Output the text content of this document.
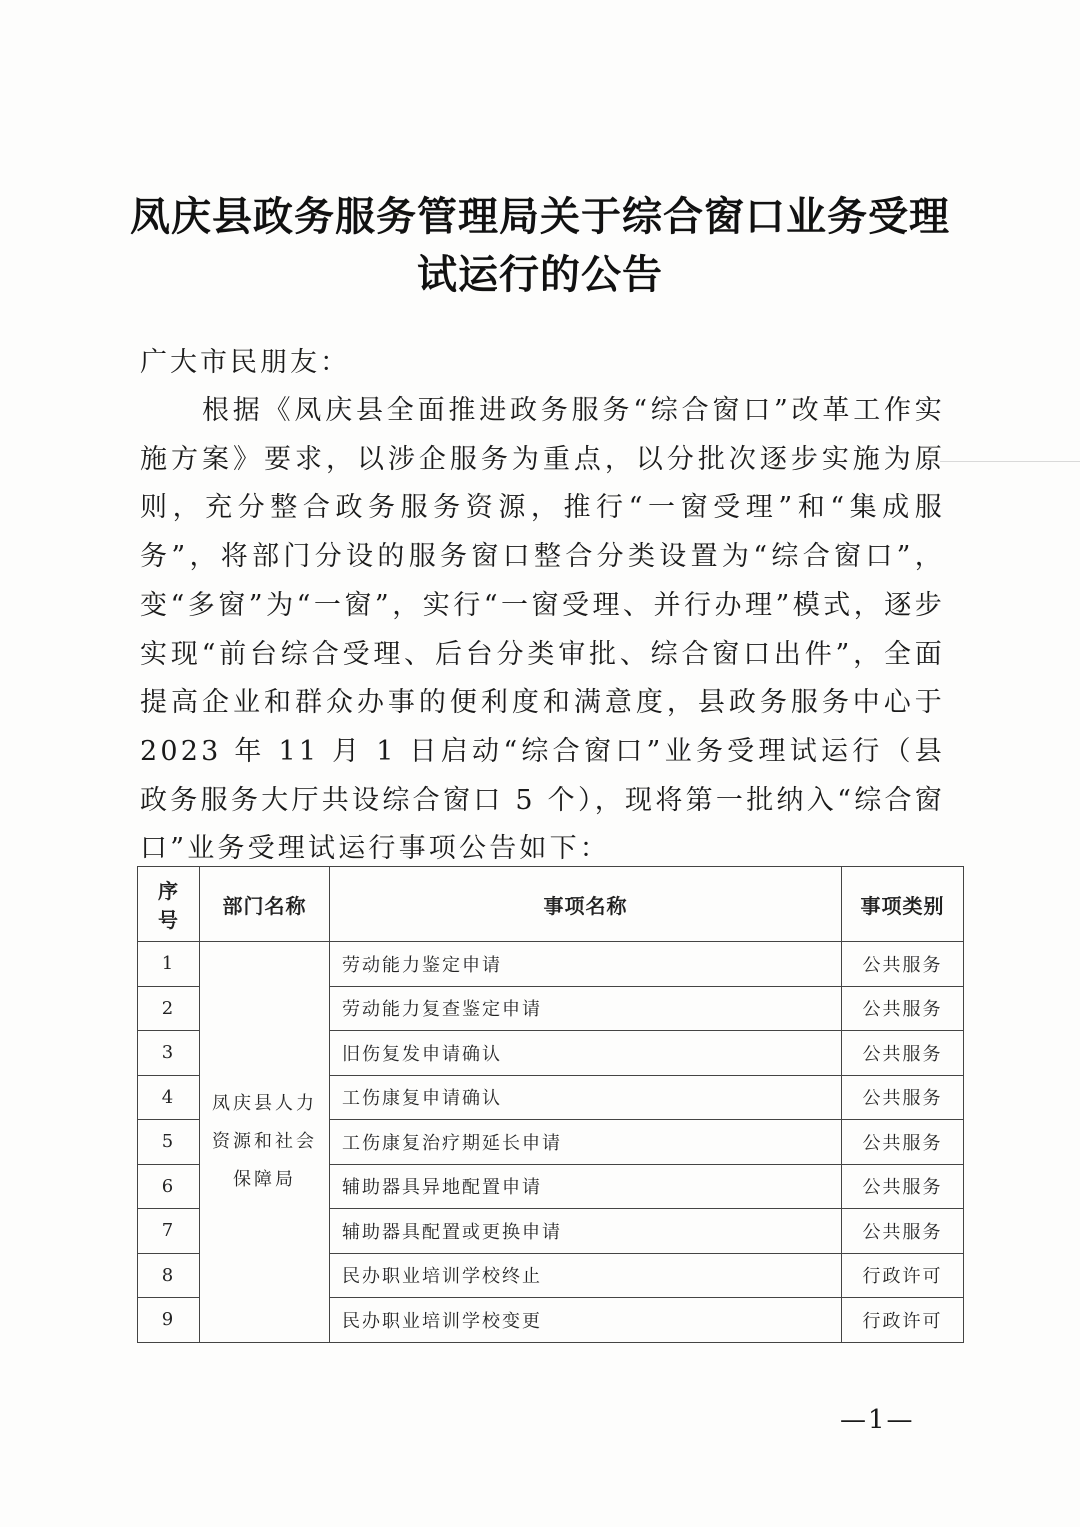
凤庆县政务服务管理局关于综合窗口业务受理
试运行的公告
广大市民朋友：

根据《凤庆县全面推进政务服务“综合窗口”改革工作实施方案》要求，以涉企服务为重点，以分批次逐步实施为原则，充分整合政务服务资源，推行“一窗受理”和“集成服务”，将部门分设的服务窗口整合分类设置为“综合窗口”，变“多窗”为“一窗”，实行“一窗受理、并行办理”模式，逐步实现“前台综合受理、后台分类审批、综合窗口出件”，全面提高企业和群众办事的便利度和满意度，县政务服务中心于 2023 年 11 月 1 日启动“综合窗口”业务受理试运行（县政务服务大厅共设综合窗口 5 个），现将第一批纳入“综合窗口”业务受理试运行事项公告如下：

序
号	部门名称	事项名称	事项类别
1	凤庆县人力
资源和社会
保障局	劳动能力鉴定申请	公共服务
2		劳动能力复查鉴定申请	公共服务
3		旧伤复发申请确认	公共服务
4		工伤康复申请确认	公共服务
5		工伤康复治疗期延长申请	公共服务
6		辅助器具异地配置申请	公共服务
7		辅助器具配置或更换申请	公共服务
8		民办职业培训学校终止	行政许可
9		民办职业培训学校变更	行政许可
—1—
